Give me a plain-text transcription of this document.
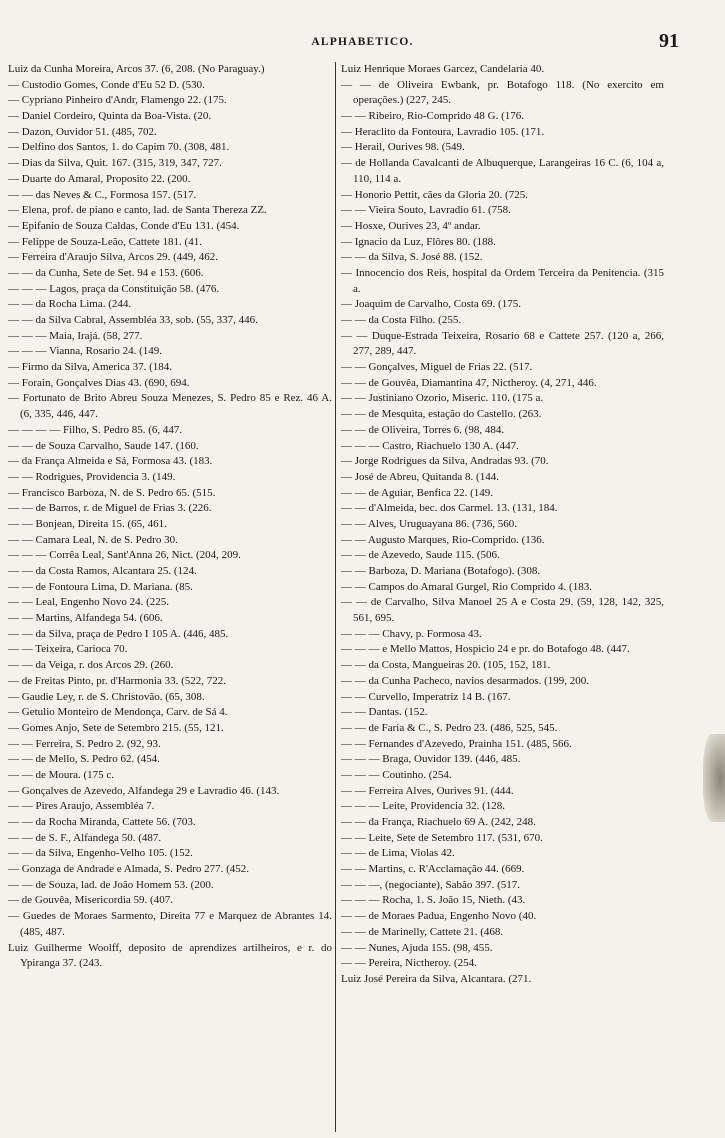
ALPHABETICO.	91
Luiz da Cunha Moreira, Arcos 37. (6, 208. (No Paraguay.)
— Custodio Gomes, Conde d'Eu 52 D. (530.
— Cypriano Pinheiro d'Andr, Flamengo 22. (175.
— Daniel Cordeiro, Quinta da Boa-Vista. (20.
— Dazon, Ouvidor 51. (485, 702.
— Delfino dos Santos, 1. do Capim 70. (308, 481.
— Dias da Silva, Quit. 167. (315, 319, 347, 727.
— Duarte do Amaral, Proposito 22. (200.
— — das Neves & C., Formosa 157. (517.
— Elena, prof. de piano e canto, lad. de Santa Thereza ZZ.
— Epifanio de Souza Caldas, Conde d'Eu 131. (454.
— Felippe de Souza-Leão, Cattete 181. (41.
— Ferreira d'Araujo Silva, Arcos 29. (449, 462.
— — da Cunha, Sete de Set. 94 e 153. (606.
— — — Lagos, praça da Constituição 58. (476.
— — da Rocha Lima. (244.
— — da Silva Cabral, Assembléa 33, sob. (55, 337, 446.
— — — Maia, Irajá. (58, 277.
— — — Vianna, Rosario 24. (149.
— Firmo da Silva, America 37. (184.
— Forain, Gonçalves Dias 43. (690, 694.
— Fortunato de Brito Abreu Souza Menezes, S. Pedro 85 e Rez. 46 A. (6, 335, 446, 447.
— — — — Filho, S. Pedro 85. (6, 447.
— — de Souza Carvalho, Saude 147. (160.
— da França Almeida e Sá, Formosa 43. (183.
— — Rodrigues, Providencia 3. (149.
— Francisco Barboza, N. de S. Pedro 65. (515.
— — de Barros, r. de Miguel de Frias 3. (226.
— — Bonjean, Direita 15. (65, 461.
— — Camara Leal, N. de S. Pedro 30.
— — — Corrêa Leal, Sant'Anna 26, Nict. (204, 209.
— — da Costa Ramos, Alcantara 25. (124.
— — de Fontoura Lima, D. Mariana. (85.
— — Leal, Engenho Novo 24. (225.
— — Martins, Alfandega 54. (606.
— — da Silva, praça de Pedro I 105 A. (446, 485.
— — Teixeira, Carioca 70.
— — da Veiga, r. dos Arcos 29. (260.
— de Freitas Pinto, pr. d'Harmonia 33. (522, 722.
— Gaudie Ley, r. de S. Christovão. (65, 308.
— Getulio Monteiro de Mendonça, Carv. de Sá 4.
— Gomes Anjo, Sete de Setembro 215. (55, 121.
— — Ferreira, S. Pedro 2. (92, 93.
— — de Mello, S. Pedro 62. (454.
— — de Moura. (175 c.
— Gonçalves de Azevedo, Alfandega 29 e Lavradio 46. (143.
— — Pires Araujo, Assembléa 7.
— — da Rocha Miranda, Cattete 56. (703.
— — de S. F., Alfandega 50. (487.
— — da Silva, Engenho-Velho 105. (152.
— Gonzaga de Andrade e Almada, S. Pedro 277. (452.
— — de Souza, lad. de João Homem 53. (200.
— de Gouvêa, Misericordia 59. (407.
— Guedes de Moraes Sarmento, Direita 77 e Marquez de Abrantes 14. (485, 487.
Luiz Guilherme Woolff, deposito de aprendizes artilheiros, e r. do Ypiranga 37. (243.
Luiz Henrique Moraes Garcez, Candelaria 40.
— — de Oliveira Ewbank, pr. Botafogo 118. (No exercito em operações.) (227, 245.
— — Ribeiro, Rio-Comprido 48 G. (176.
— Heraclito da Fontoura, Lavradio 105. (171.
— Herail, Ourives 98. (549.
— de Hollanda Cavalcanti de Albuquerque, Larangeiras 16 C. (6, 104 a, 110, 114 a.
— Honorio Pettit, cães da Gloria 20. (725.
— — Vieira Souto, Lavradio 61. (758.
— Hosxe, Ourives 23, 4º andar.
— Ignacio da Luz, Flôres 80. (188.
— — da Silva, S. José 88. (152.
— Innocencio dos Reis, hospital da Ordem Terceira da Penitencia. (315 a.
— Joaquim de Carvalho, Costa 69. (175.
— — da Costa Filho. (255.
— — Duque-Estrada Teixeira, Rosario 68 e Cattete 257. (120 a, 266, 277, 289, 447.
— — Gonçalves, Miguel de Frias 22. (517.
— — de Gouvêa, Diamantina 47, Nictheroy. (4, 271, 446.
— — Justiniano Ozorio, Miseric. 110. (175 a.
— — de Mesquita, estação do Castello. (263.
— — de Oliveira, Torres 6. (98, 484.
— — — Castro, Riachuelo 130 A. (447.
— Jorge Rodrigues da Silva, Andradas 93. (70.
— José de Abreu, Quitanda 8. (144.
— — de Aguiar, Benfica 22. (149.
— — d'Almeida, bec. dos Carmel. 13. (131, 184.
— — Alves, Uruguayana 86. (736, 560.
— — Augusto Marques, Rio-Comprido. (136.
— — de Azevedo, Saude 115. (506.
— — Barboza, D. Mariana (Botafogo). (308.
— — Campos do Amaral Gurgel, Rio Comprido 4. (183.
— — de Carvalho, Silva Manoel 25 A e Costa 29. (59, 128, 142, 325, 561, 695.
— — — Chavy, p. Formosa 43.
— — — e Mello Mattos, Hospicio 24 e pr. do Botafogo 48. (447.
— — da Costa, Mangueiras 20. (105, 152, 181.
— — da Cunha Pacheco, navios desarmados. (199, 200.
— — Curvello, Imperatriz 14 B. (167.
— — Dantas. (152.
— — de Faria & C., S. Pedro 23. (486, 525, 545.
— — Fernandes d'Azevedo, Prainha 151. (485, 566.
— — — Braga, Ouvidor 139. (446, 485.
— — — Coutinho. (254.
— — Ferreira Alves, Ourives 91. (444.
— — — Leite, Providencia 32. (128.
— — da França, Riachuelo 69 A. (242, 248.
— — Leite, Sete de Setembro 117. (531, 670.
— — de Lima, Violas 42.
— — Martins, c. R'Acclamação 44. (669.
— — —, (negociante), Sabão 397. (517.
— — — Rocha, 1. S. João 15, Nieth. (43.
— — de Moraes Padua, Engenho Novo (40.
— — de Marinelly, Cattete 21. (468.
— — Nunes, Ajuda 155. (98, 455.
— — Pereira, Nictheroy. (254.
Luiz José Pereira da Silva, Alcantara. (271.
